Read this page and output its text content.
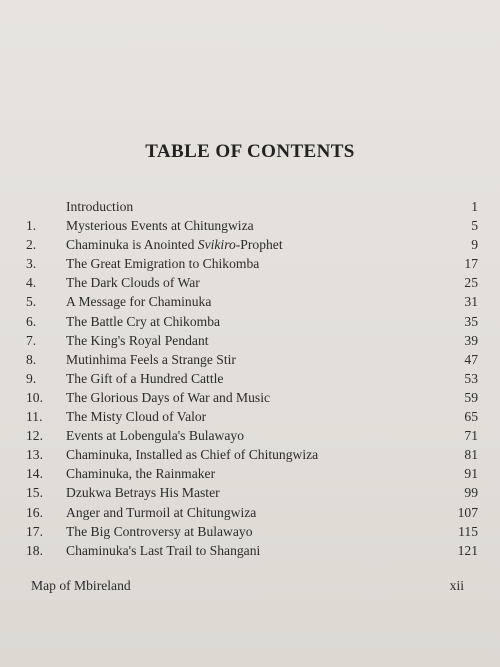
TABLE OF CONTENTS
Introduction	1
1.	Mysterious Events at Chitungwiza	5
2.	Chaminuka is Anointed Svikiro-Prophet	9
3.	The Great Emigration to Chikomba	17
4.	The Dark Clouds of War	25
5.	A Message for Chaminuka	31
6.	The Battle Cry at Chikomba	35
7.	The King's Royal Pendant	39
8.	Mutinhima Feels a Strange Stir	47
9.	The Gift of a Hundred Cattle	53
10.	The Glorious Days of War and Music	59
11.	The Misty Cloud of Valor	65
12.	Events at Lobengula's Bulawayo	71
13.	Chaminuka, Installed as Chief of Chitungwiza	81
14.	Chaminuka, the Rainmaker	91
15.	Dzukwa Betrays His Master	99
16.	Anger and Turmoil at Chitungwiza	107
17.	The Big Controversy at Bulawayo	115
18.	Chaminuka's Last Trail to Shangani	121
Map of Mbireland	xii
